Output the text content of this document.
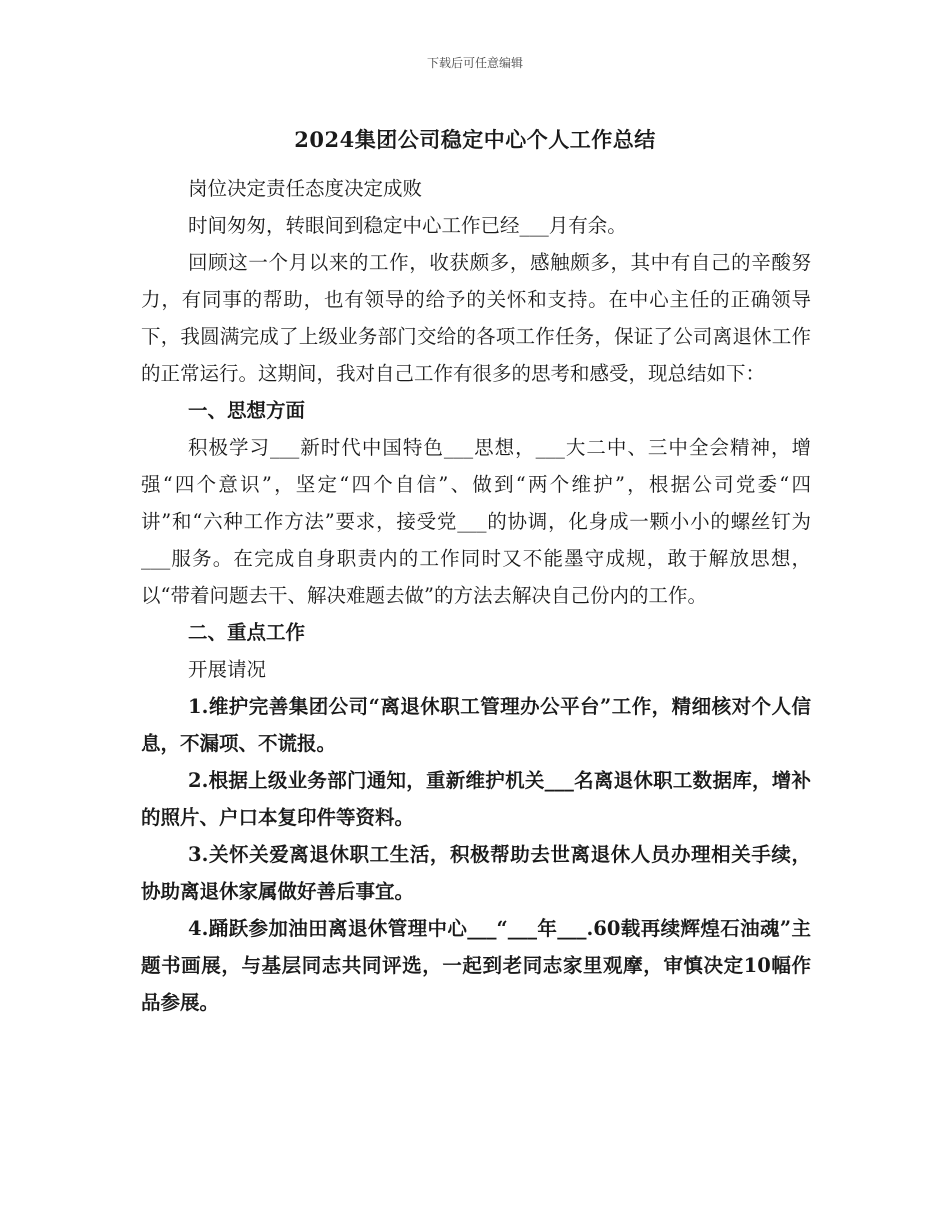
下载后可任意编辑
2024集团公司稳定中心个人工作总结

岗位决定责任态度决定成败

时间匆匆，转眼间到稳定中心工作已经___月有余。

回顾这一个月以来的工作，收获颇多，感触颇多，其中有自己的辛酸努力，有同事的帮助，也有领导的给予的关怀和支持。在中心主任的正确领导下，我圆满完成了上级业务部门交给的各项工作任务，保证了公司离退休工作的正常运行。这期间，我对自己工作有很多的思考和感受，现总结如下：

一、思想方面

积极学习___新时代中国特色___思想，___大二中、三中全会精神，增强“四个意识”，坚定“四个自信”、做到“两个维护”，根据公司党委“四讲”和“六种工作方法”要求，接受党___的协调，化身成一颗小小的螺丝钉为___服务。在完成自身职责内的工作同时又不能墨守成规，敢于解放思想，以“带着问题去干、解决难题去做”的方法去解决自己份内的工作。

二、重点工作

开展请况

1.维护完善集团公司“离退休职工管理办公平台”工作，精细核对个人信息，不漏项、不谎报。

2.根据上级业务部门通知，重新维护机关___名离退休职工数据库，增补的照片、户口本复印件等资料。

3.关怀关爱离退休职工生活，积极帮助去世离退休人员办理相关手续，协助离退休家属做好善后事宜。

4.踊跃参加油田离退休管理中心___“___年___.60载再续辉煌石油魂”主题书画展，与基层同志共同评选，一起到老同志家里观摩，审慎决定10幅作品参展。
